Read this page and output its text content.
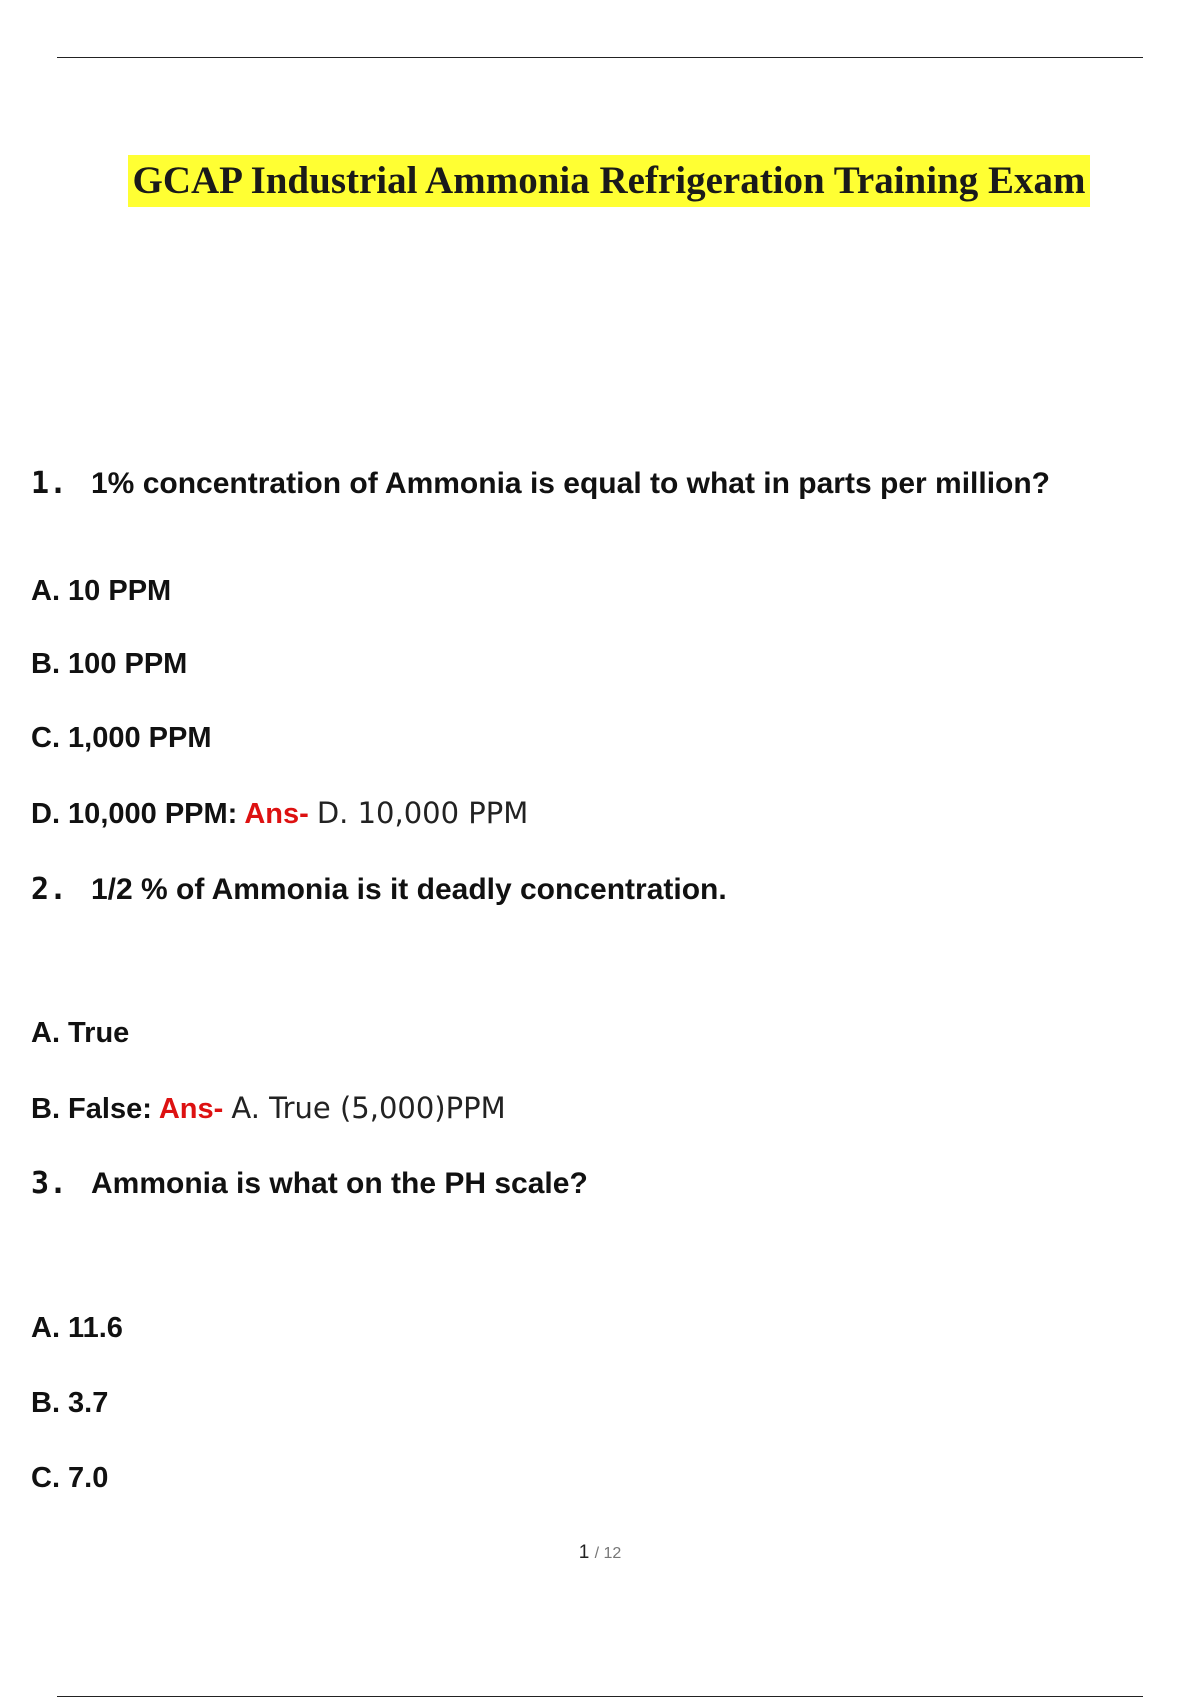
GCAP Industrial Ammonia Refrigeration Training Exam
1. 1% concentration of Ammonia is equal to what in parts per million?
A. 10 PPM
B. 100 PPM
C. 1,000 PPM
D. 10,000 PPM: Ans- D. 10,000 PPM
2. 1/2 % of Ammonia is it deadly concentration.
A. True
B. False: Ans- A. True (5,000)PPM
3. Ammonia is what on the PH scale?
A. 11.6
B. 3.7
C. 7.0
1 / 12
